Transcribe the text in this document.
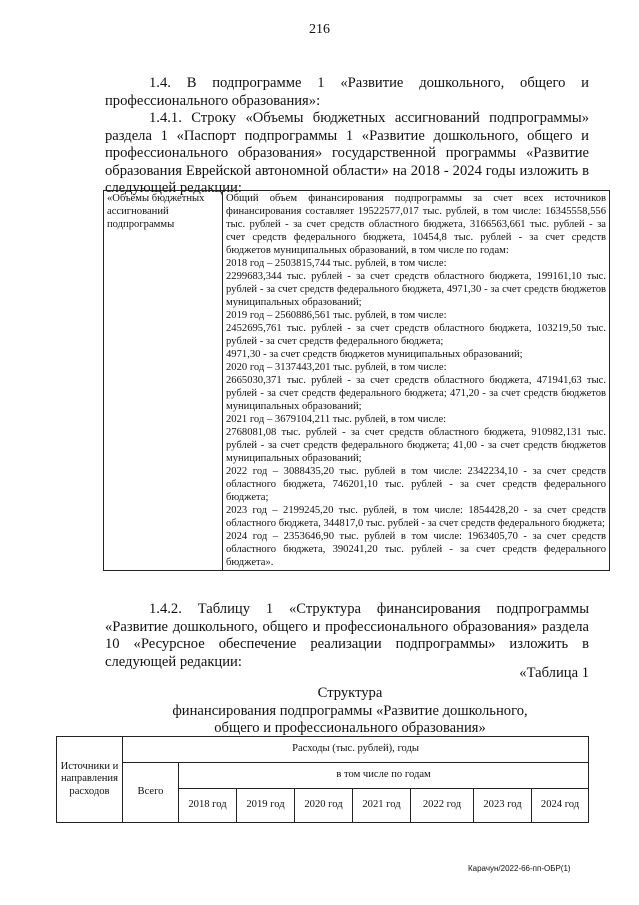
216

1.4. В подпрограмме 1 «Развитие дошкольного, общего и профессионального образования»:

1.4.1. Строку «Объемы бюджетных ассигнований подпрограммы» раздела 1 «Паспорт подпрограммы 1 «Развитие дошкольного, общего и профессионального образования» государственной программы «Развитие образования Еврейской автономной области» на 2018 - 2024 годы изложить в следующей редакции:

«Объемы бюджетных ассигнований подпрограммы	
Общий объем финансирования подпрограммы за счет всех источников финансирования составляет 19522577,017 тыс. рублей, в том числе: 16345558,556 тыс. рублей - за счет средств областного бюджета, 3166563,661 тыс. рублей - за счет средств федерального бюджета, 10454,8 тыс. рублей - за счет средств бюджетов муниципальных образований, в том числе по годам:
2018 год – 2503815,744 тыс. рублей, в том числе:
2299683,344 тыс. рублей - за счет средств областного бюджета, 199161,10 тыс. рублей - за счет средств федерального бюджета, 4971,30 - за счет средств бюджетов муниципальных образований;
2019 год – 2560886,561 тыс. рублей, в том числе:
2452695,761 тыс. рублей - за счет средств областного бюджета, 103219,50 тыс. рублей - за счет средств федерального бюджета;
4971,30 - за счет средств бюджетов муниципальных образований;
2020 год – 3137443,201 тыс. рублей, в том числе:
2665030,371 тыс. рублей - за счет средств областного бюджета, 471941,63 тыс. рублей - за счет средств федерального бюджета; 471,20 - за счет средств бюджетов муниципальных образований;
2021 год – 3679104,211 тыс. рублей, в том числе:
2768081,08 тыс. рублей - за счет средств областного бюджета, 910982,131 тыс. рублей - за счет средств федерального бюджета; 41,00 - за счет средств бюджетов муниципальных образований;
2022 год – 3088435,20 тыс. рублей в том числе: 2342234,10 - за счет средств областного бюджета, 746201,10 тыс. рублей - за счет средств федерального бюджета;
2023 год – 2199245,20 тыс. рублей, в том числе: 1854428,20 - за счет средств областного бюджета, 344817,0 тыс. рублей - за счет средств федерального бюджета;
2024 год – 2353646,90 тыс. рублей в том числе: 1963405,70 - за счет средств областного бюджета, 390241,20 тыс. рублей - за счет средств федерального бюджета».

1.4.2. Таблицу 1 «Структура финансирования подпрограммы «Развитие дошкольного, общего и профессионального образования» раздела 10 «Ресурсное обеспечение реализации подпрограммы» изложить в следующей редакции:

«Таблица 1
Структура
финансирования подпрограммы «Развитие дошкольного,
общего и профессионального образования»
Источники и направления расходов	Расходы (тыс. рублей), годы							
	Всего	в том числе по годам						
		2018 год	2019 год	2020 год	2021 год	2022 год	2023 год	2024 год
Карачун/2022-66-пп-ОБР(1)
